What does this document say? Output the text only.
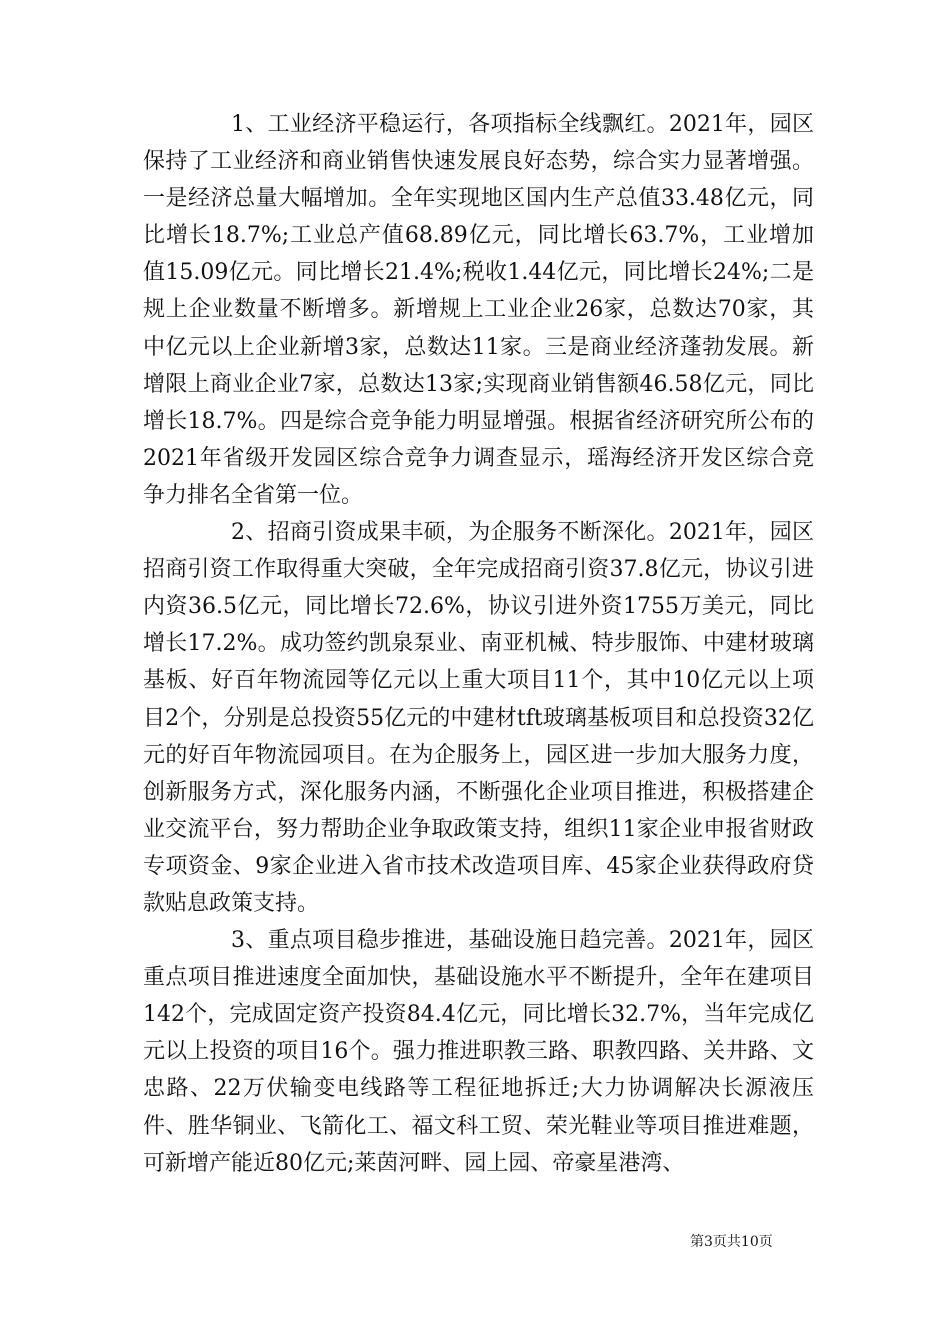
1、工业经济平稳运行，各项指标全线飘红。2021年，园区保持了工业经济和商业销售快速发展良好态势，综合实力显著增强。一是经济总量大幅增加。全年实现地区国内生产总值33.48亿元，同比增长18.7%;工业总产值68.89亿元，同比增长63.7%，工业增加值15.09亿元。同比增长21.4%;税收1.44亿元，同比增长24%;二是规上企业数量不断增多。新增规上工业企业26家，总数达70家，其中亿元以上企业新增3家，总数达11家。三是商业经济蓬勃发展。新增限上商业企业7家，总数达13家;实现商业销售额46.58亿元，同比增长18.7%。四是综合竞争能力明显增强。根据省经济研究所公布的2021年省级开发园区综合竞争力调查显示，瑶海经济开发区综合竞争力排名全省第一位。

2、招商引资成果丰硕，为企服务不断深化。2021年，园区招商引资工作取得重大突破，全年完成招商引资37.8亿元，协议引进内资36.5亿元，同比增长72.6%，协议引进外资1755万美元，同比增长17.2%。成功签约凯泉泵业、南亚机械、特步服饰、中建材玻璃基板、好百年物流园等亿元以上重大项目11个，其中10亿元以上项目2个，分别是总投资55亿元的中建材tft玻璃基板项目和总投资32亿元的好百年物流园项目。在为企服务上，园区进一步加大服务力度，创新服务方式，深化服务内涵，不断强化企业项目推进，积极搭建企业交流平台，努力帮助企业争取政策支持，组织11家企业申报省财政专项资金、9家企业进入省市技术改造项目库、45家企业获得政府贷款贴息政策支持。

3、重点项目稳步推进，基础设施日趋完善。2021年，园区重点项目推进速度全面加快，基础设施水平不断提升，全年在建项目142个，完成固定资产投资84.4亿元，同比增长32.7%，当年完成亿元以上投资的项目16个。强力推进职教三路、职教四路、关井路、文忠路、22万伏输变电线路等工程征地拆迁;大力协调解决长源液压件、胜华铜业、飞箭化工、福文科工贸、荣光鞋业等项目推进难题，可新增产能近80亿元;莱茵河畔、园上园、帝豪星港湾、

第3页共10页
